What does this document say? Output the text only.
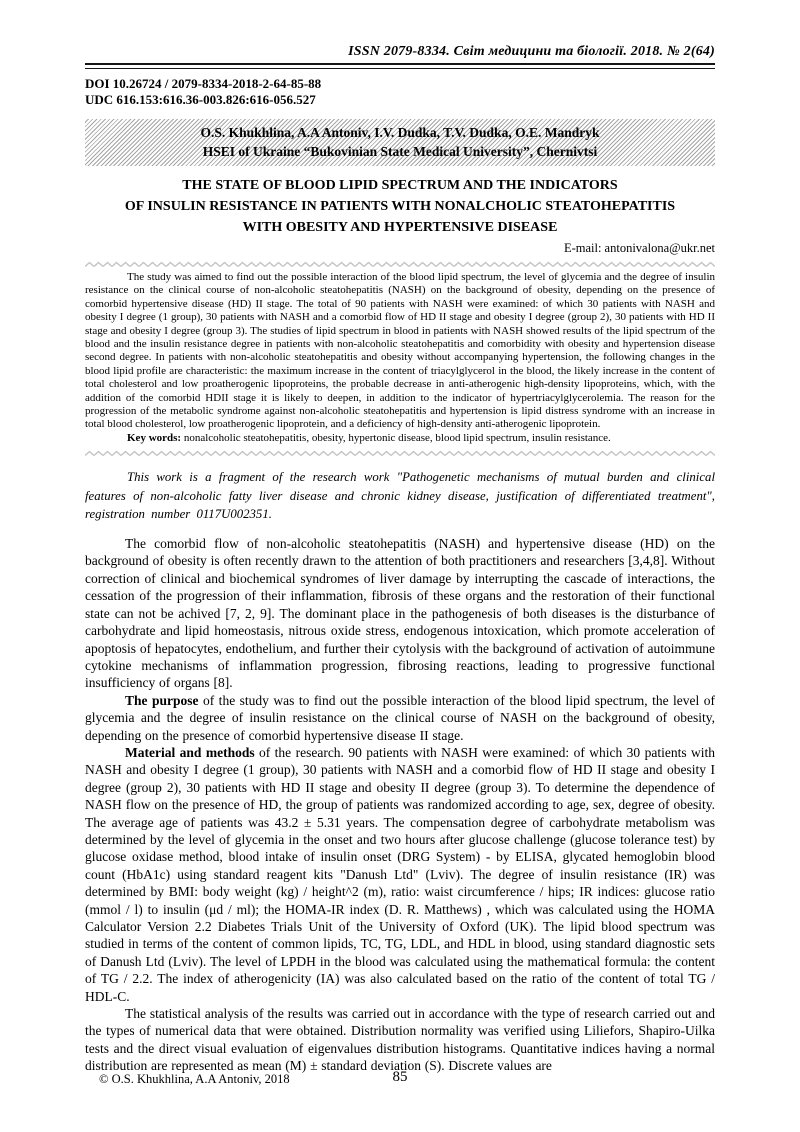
ISSN 2079-8334. Світ медицини та біології. 2018. № 2(64)
DOI 10.26724 / 2079-8334-2018-2-64-85-88
UDC 616.153:616.36-003.826:616-056.527
O.S. Khukhlina, A.A Antoniv, I.V. Dudka, T.V. Dudka, O.E. Mandryk
HSEI of Ukraine “Bukovinian State Medical University”, Chernivtsi
THE STATE OF BLOOD LIPID SPECTRUM AND THE INDICATORS
OF INSULIN RESISTANCE IN PATIENTS WITH NONALCHOLIC STEATOHEPATITIS
WITH OBESITY AND HYPERTENSIVE DISEASE
E-mail: antonivalona@ukr.net

The study was aimed to find out the possible interaction of the blood lipid spectrum, the level of glycemia and the degree of insulin resistance on the clinical course of non-alcoholic steatohepatitis (NASH) on the background of obesity, depending on the presence of comorbid hypertensive disease (HD) II stage. The total of 90 patients with NASH were examined: of which 30 patients with NASH and obesity I degree (1 group), 30 patients with NASH and a comorbid flow of HD II stage and obesity I degree (group 2), 30 patients with HD II stage and obesity I degree (group 3). The studies of lipid spectrum in blood in patients with NASH showed results of the lipid spectrum of the blood and the insulin resistance degree in patients with non-alcoholic steatohepatitis and comorbidity with obesity and hypertension disease second degree. In patients with non-alcoholic steatohepatitis and obesity without accompanying hypertension, the following changes in the blood lipid profile are characteristic: the maximum increase in the content of triacylglycerol in the blood, the likely increase in the content of total cholesterol and low proatherogenic lipoproteins, the probable decrease in anti-atherogenic high-density lipoproteins, which, with the addition of the comorbid HDII stage it is likely to deepen, in addition to the indicator of hypertriacylglycerolemia. The reason for the progression of the metabolic syndrome against non-alcoholic steatohepatitis and hypertension is lipid distress syndrome with an increase in total blood cholesterol, low proatherogenic lipoprotein, and a deficiency of high-density anti-atherogenic lipoprotein.

Key words: nonalcoholic steatohepatitis, obesity, hypertonic disease, blood lipid spectrum, insulin resistance.

This work is a fragment of the research work "Pathogenetic mechanisms of mutual burden and clinical features of non-alcoholic fatty liver disease and chronic kidney disease, justification of differentiated treatment", registration number 0117U002351.

The comorbid flow of non-alcoholic steatohepatitis (NASH) and hypertensive disease (HD) on the background of obesity is often recently drawn to the attention of both practitioners and researchers [3,4,8]. Without correction of clinical and biochemical syndromes of liver damage by interrupting the cascade of interactions, the cessation of the progression of their inflammation, fibrosis of these organs and the restoration of their functional state can not be achived [7, 2, 9]. The dominant place in the pathogenesis of both diseases is the disturbance of carbohydrate and lipid homeostasis, nitrous oxide stress, endogenous intoxication, which promote acceleration of apoptosis of hepatocytes, endothelium, and further their cytolysis with the background of activation of autoimmune cytokine mechanisms of inflammation progression, fibrosing reactions, leading to progressive functional insufficiency of organs [8].

The purpose of the study was to find out the possible interaction of the blood lipid spectrum, the level of glycemia and the degree of insulin resistance on the clinical course of NASH on the background of obesity, depending on the presence of comorbid hypertensive disease II stage.

Material and methods of the research. 90 patients with NASH were examined: of which 30 patients with NASH and obesity I degree (1 group), 30 patients with NASH and a comorbid flow of HD II stage and obesity I degree (group 2), 30 patients with HD II stage and obesity II degree (group 3). To determine the dependence of NASH flow on the presence of HD, the group of patients was randomized according to age, sex, degree of obesity. The average age of patients was 43.2 ± 5.31 years. The compensation degree of carbohydrate metabolism was determined by the level of glycemia in the onset and two hours after glucose challenge (glucose tolerance test) by glucose oxidase method, blood intake of insulin onset (DRG System) - by ELISA, glycated hemoglobin blood count (HbA1c) using standard reagent kits "Danush Ltd" (Lviv). The degree of insulin resistance (IR) was determined by BMI: body weight (kg) / height^2 (m), ratio: waist circumference / hips; IR indices: glucose ratio (mmol / l) to insulin (μd / ml); the HOMA-IR index (D. R. Matthews) , which was calculated using the HOMA Calculator Version 2.2 Diabetes Trials Unit of the University of Oxford (UK). The lipid blood spectrum was studied in terms of the content of common lipids, TC, TG, LDL, and HDL in blood, using standard diagnostic sets of Danush Ltd (Lviv). The level of LPDH in the blood was calculated using the mathematical formula: the content of TG / 2.2. The index of atherogenicity (IA) was also calculated based on the ratio of the content of total TG / HDL-C.

The statistical analysis of the results was carried out in accordance with the type of research carried out and the types of numerical data that were obtained. Distribution normality was verified using Liliefors, Shapiro-Uilka tests and the direct visual evaluation of eigenvalues distribution histograms. Quantitative indices having a normal distribution are represented as mean (M) ± standard deviation (S). Discrete values are

© O.S. Khukhlina, A.A Antoniv, 2018	85
